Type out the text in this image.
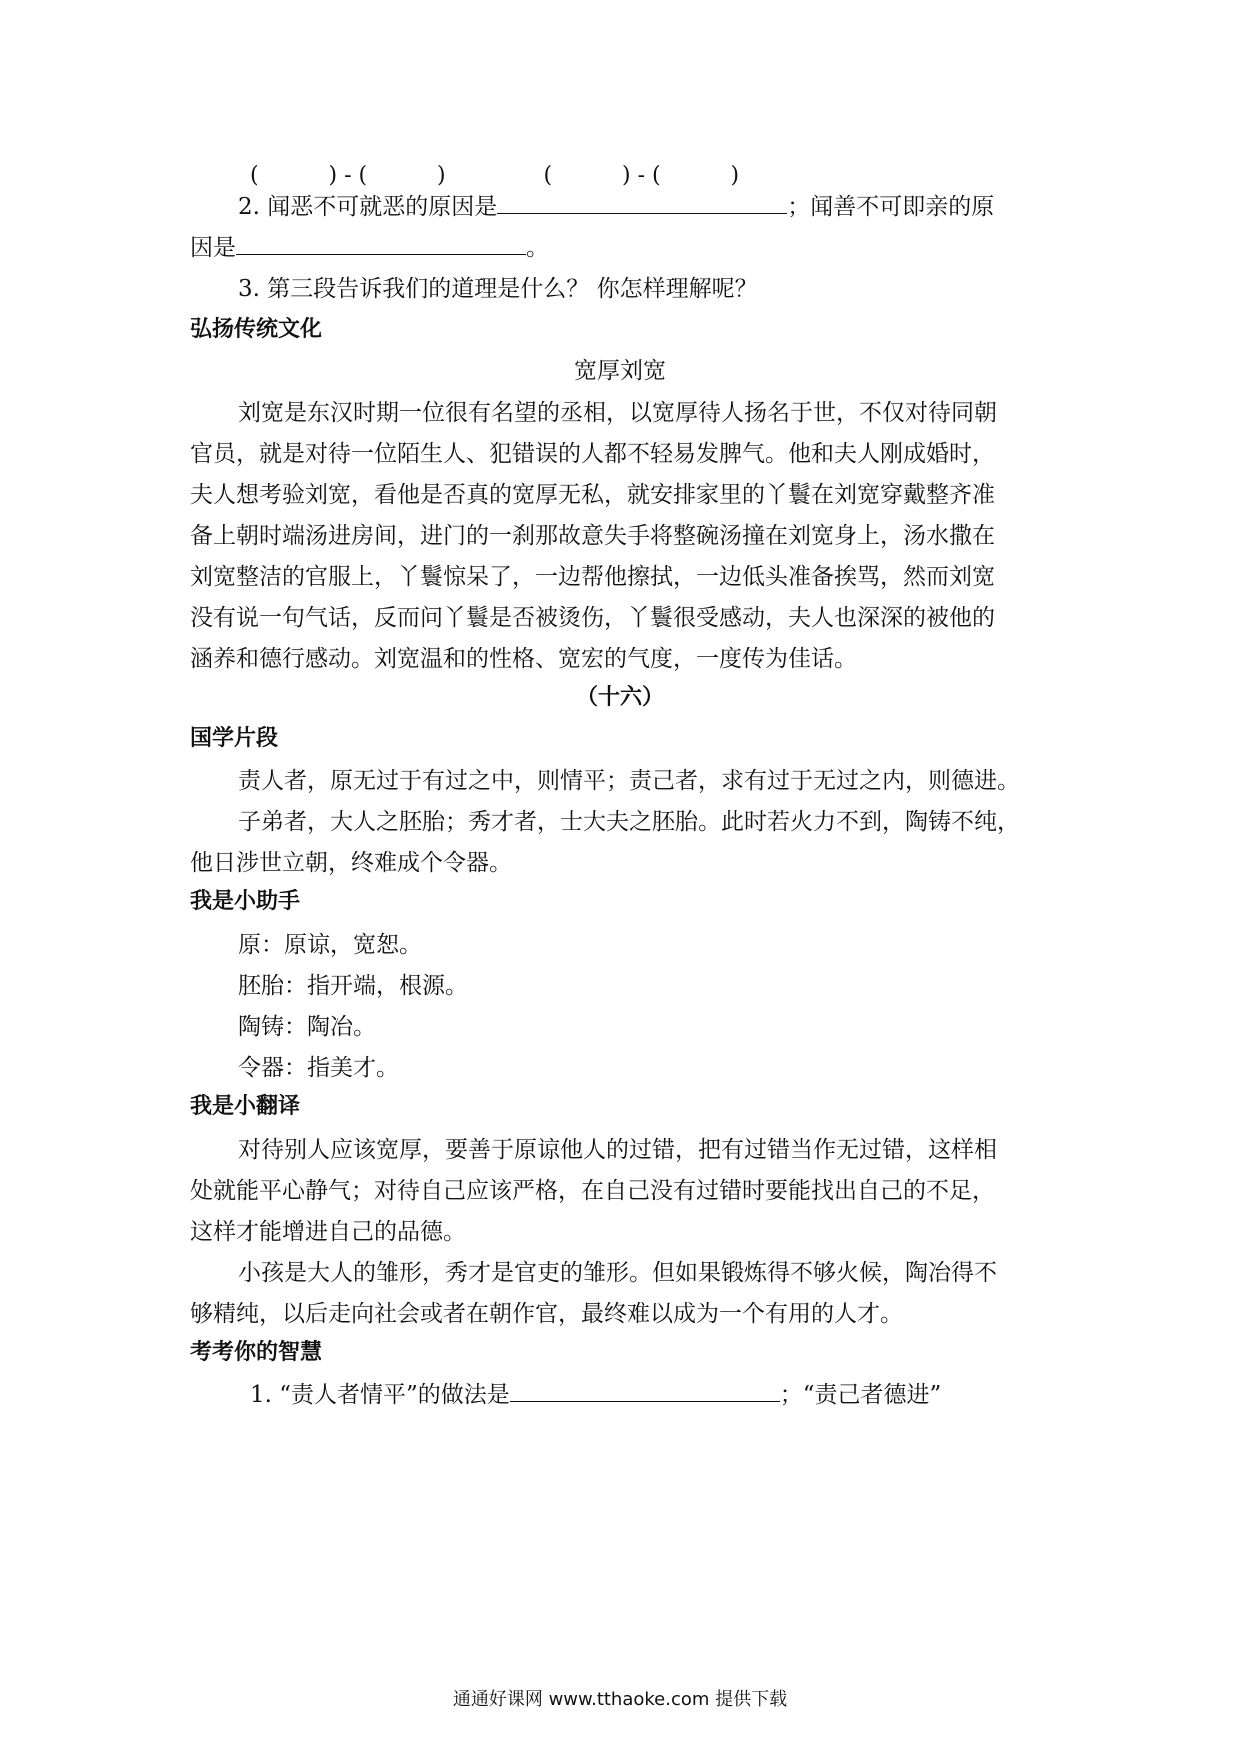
(          ) - (          )              (          ) - (          )
2. 闻恶不可就恶的原因是	；闻善不可即亲的原
因是	。
3. 第三段告诉我们的道理是什么？ 你怎样理解呢？
弘扬传统文化
宽厚刘宽
刘宽是东汉时期一位很有名望的丞相，以宽厚待人扬名于世，不仅对待同朝
官员，就是对待一位陌生人、犯错误的人都不轻易发脾气。他和夫人刚成婚时，
夫人想考验刘宽，看他是否真的宽厚无私，就安排家里的丫鬟在刘宽穿戴整齐准
备上朝时端汤进房间，进门的一刹那故意失手将整碗汤撞在刘宽身上，汤水撒在
刘宽整洁的官服上，丫鬟惊呆了，一边帮他擦拭，一边低头准备挨骂，然而刘宽
没有说一句气话，反而问丫鬟是否被烫伤，丫鬟很受感动，夫人也深深的被他的
涵养和德行感动。刘宽温和的性格、宽宏的气度，一度传为佳话。
（十六）
国学片段
责人者，原无过于有过之中，则情平；责己者，求有过于无过之内，则德进。
子弟者，大人之胚胎；秀才者，士大夫之胚胎。此时若火力不到，陶铸不纯，
他日涉世立朝，终难成个令器。
我是小助手
原：原谅，宽恕。
胚胎：指开端，根源。
陶铸：陶冶。
令器：指美才。
我是小翻译
对待别人应该宽厚，要善于原谅他人的过错，把有过错当作无过错，这样相
处就能平心静气；对待自己应该严格，在自己没有过错时要能找出自己的不足，
这样才能增进自己的品德。
小孩是大人的雏形，秀才是官吏的雏形。但如果锻炼得不够火候，陶冶得不
够精纯，以后走向社会或者在朝作官，最终难以成为一个有用的人才。
考考你的智慧
1. “责人者情平”的做法是	；“责己者德进”
通通好课网 www.tthaoke.com 提供下载
